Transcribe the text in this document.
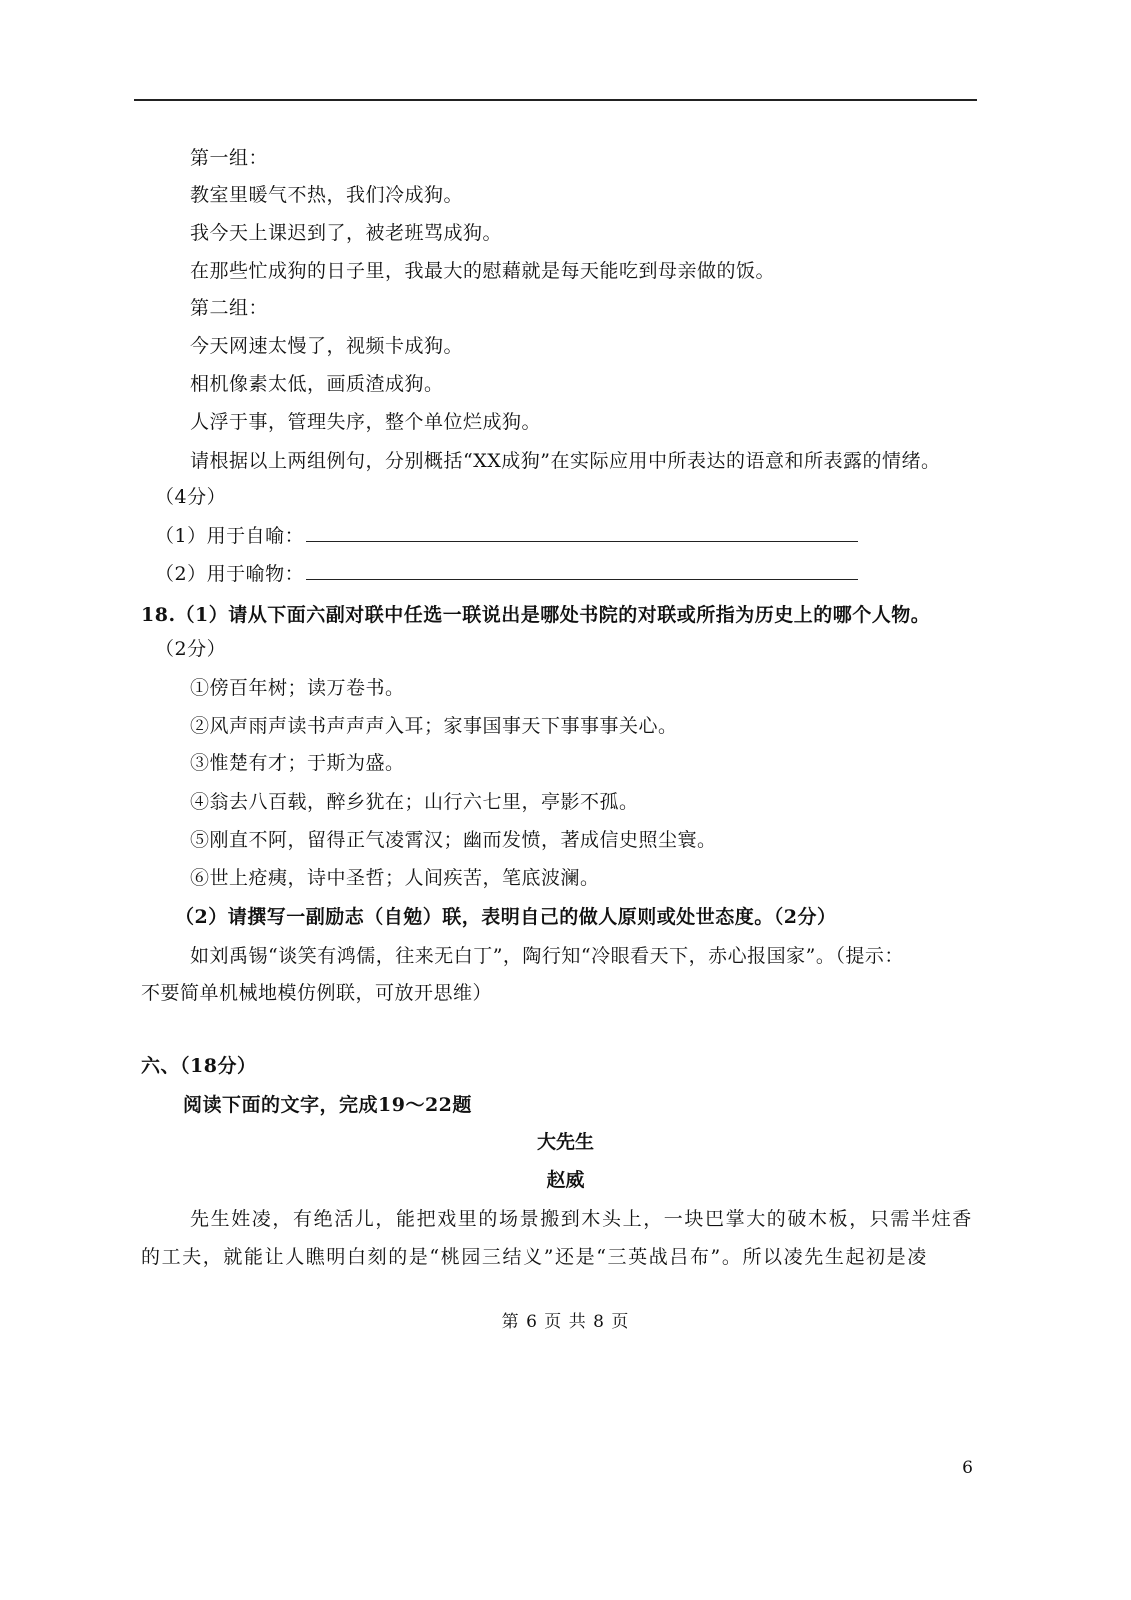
第一组：
教室里暖气不热，我们冷成狗。
我今天上课迟到了，被老班骂成狗。
在那些忙成狗的日子里，我最大的慰藉就是每天能吃到母亲做的饭。
第二组：
今天网速太慢了，视频卡成狗。
相机像素太低，画质渣成狗。
人浮于事，管理失序，整个单位烂成狗。
请根据以上两组例句，分别概括“XX成狗”在实际应用中所表达的语意和所表露的情绪。
（4分）
（1）用于自喻：
（2）用于喻物：
18.（1）请从下面六副对联中任选一联说出是哪处书院的对联或所指为历史上的哪个人物。
（2分）
①傍百年树；读万卷书。
②风声雨声读书声声声入耳；家事国事天下事事事关心。
③惟楚有才；于斯为盛。
④翁去八百载，醉乡犹在；山行六七里，亭影不孤。
⑤刚直不阿，留得正气凌霄汉；幽而发愤，著成信史照尘寰。
⑥世上疮痍，诗中圣哲；人间疾苦，笔底波澜。
（2）请撰写一副励志（自勉）联，表明自己的做人原则或处世态度。（2分）
如刘禹锡“谈笑有鸿儒，往来无白丁”，陶行知“冷眼看天下，赤心报国家”。（提示：
不要简单机械地模仿例联，可放开思维）
六、（18分）
阅读下面的文字，完成19～22题
大先生
赵威
先生姓凌，有绝活儿，能把戏里的场景搬到木头上，一块巴掌大的破木板，只需半炷香
的工夫，就能让人瞧明白刻的是“桃园三结义”还是“三英战吕布”。所以凌先生起初是凌
第 6 页 共 8 页
6
